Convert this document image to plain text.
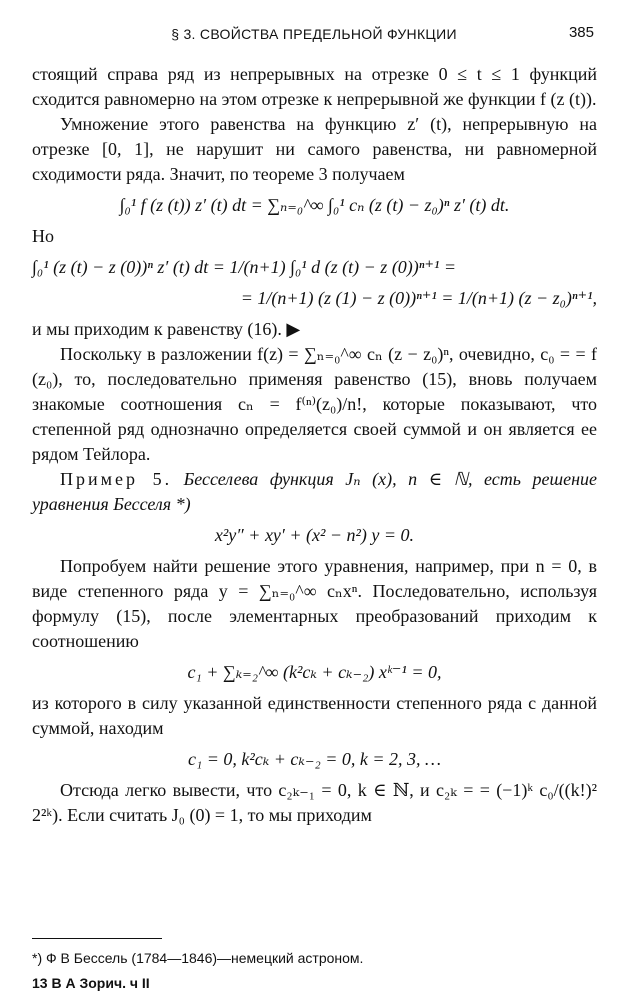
§ 3. СВОЙСТВА ПРЕДЕЛЬНОЙ ФУНКЦИИ	385

стоящий справа ряд из непрерывных на отрезке 0 ≤ t ≤ 1 функций сходится равномерно на этом отрезке к непрерывной же функции f (z (t)).

Умножение этого равенства на функцию z′ (t), непрерывную на отрезке [0, 1], не нарушит ни самого равенства, ни равномерной сходимости ряда. Значит, по теореме 3 получаем

∫₀¹ f (z (t)) z′ (t) dt = ∑ₙ₌₀^∞ ∫₀¹ cₙ (z (t) − z₀)ⁿ z′ (t) dt.

Но

∫₀¹ (z (t) − z (0))ⁿ z′ (t) dt = 1/(n+1) ∫₀¹ d (z (t) − z (0))ⁿ⁺¹ =
= 1/(n+1) (z (1) − z (0))ⁿ⁺¹ = 1/(n+1) (z − z₀)ⁿ⁺¹,

и мы приходим к равенству (16). ▶

Поскольку в разложении f(z) = ∑ₙ₌₀^∞ cₙ (z − z₀)ⁿ, очевидно, c₀ = = f (z₀), то, последовательно применяя равенство (15), вновь получаем знакомые соотношения cₙ = f⁽ⁿ⁾(z₀)/n!, которые показывают, что степенной ряд однозначно определяется своей суммой и он является ее рядом Тейлора.

Пример 5. Бесселева функция Jₙ (x), n ∈ ℕ, есть решение уравнения Бесселя *)

x²y″ + xy′ + (x² − n²) y = 0.

Попробуем найти решение этого уравнения, например, при n = 0, в виде степенного ряда y = ∑ₙ₌₀^∞ cₙxⁿ. Последовательно, используя формулу (15), после элементарных преобразований приходим к соотношению

c₁ + ∑ₖ₌₂^∞ (k²cₖ + cₖ₋₂) xᵏ⁻¹ = 0,

из которого в силу указанной единственности степенного ряда с данной суммой, находим

c₁ = 0, k²cₖ + cₖ₋₂ = 0, k = 2, 3, …

Отсюда легко вывести, что c₂ₖ₋₁ = 0, k ∈ ℕ, и c₂ₖ = = (−1)ᵏ c₀/((k!)² 2²ᵏ). Если считать J₀ (0) = 1, то мы приходим

*) Ф В Бессель (1784—1846)—немецкий астроном.
13 В А Зорич. ч II
